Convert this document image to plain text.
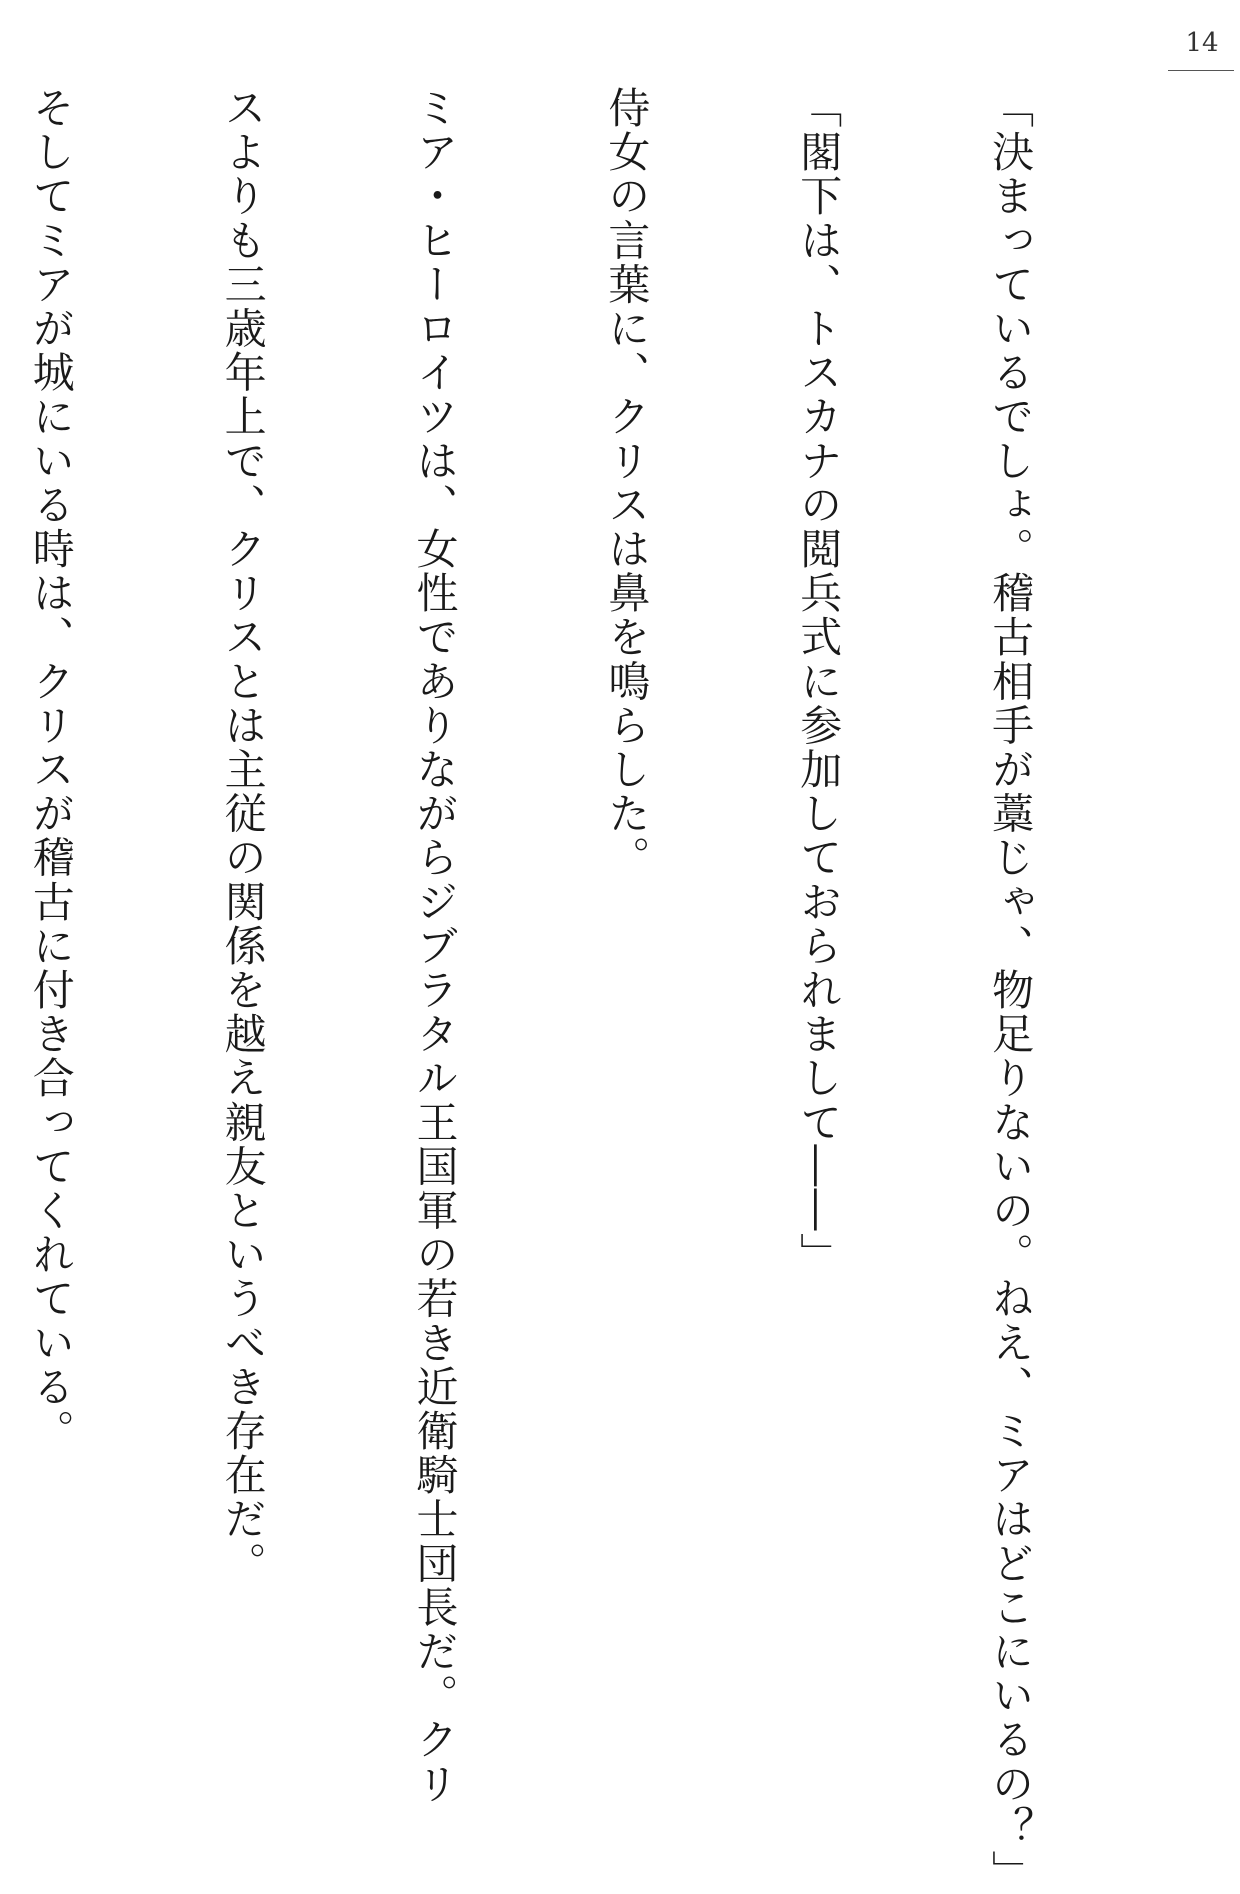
14

「決まっているでしょ。稽古相手が藁じゃ、物足りないの。ねえ、ミアはどこにいるの？」

「閣下は、トスカナの閲兵式に参加しておられまして――」

侍女の言葉に、クリスは鼻を鳴らした。

ミア・ヒーロイツは、女性でありながらジブラタル王国軍の若き近衛騎士団長だ。クリ

スよりも三歳年上で、クリスとは主従の関係を越え親友というべき存在だ。

そしてミアが城にいる時は、クリスが稽古に付き合ってくれている。
